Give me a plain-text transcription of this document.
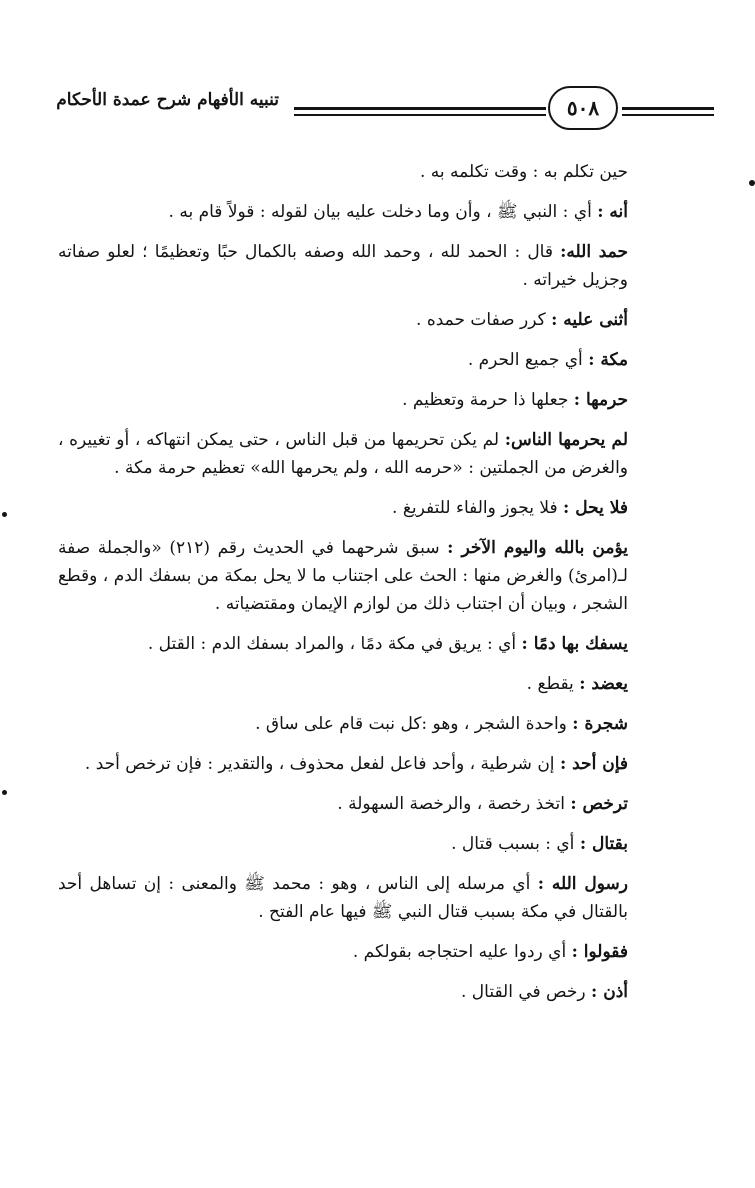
تنبيه الأفهام شرح عمدة الأحكام	٥٠٨

حين تكلم به : وقت تكلمه به .

أنه : أي : النبي ﷺ ، وأن وما دخلت عليه بيان لقوله : قولاً قام به .

حمد الله: قال : الحمد لله ، وحمد الله وصفه بالكمال حبًا وتعظيمًا ؛ لعلو صفاته وجزيل خيراته .

أثنى عليه : كرر صفات حمده .

مكة : أي جميع الحرم .

حرمها : جعلها ذا حرمة وتعظيم .

لم يحرمها الناس: لم يكن تحريمها من قبل الناس ، حتى يمكن انتهاكه ، أو تغييره ، والغرض من الجملتين : «حرمه الله ، ولم يحرمها الله» تعظيم حرمة مكة .

فلا يحل : فلا يجوز والفاء للتفريغ .

يؤمن بالله واليوم الآخر : سبق شرحهما في الحديث رقم (٢١٢) «والجملة صفة لـ(امرئ) والغرض منها : الحث على اجتناب ما لا يحل بمكة من بسفك الدم ، وقطع الشجر ، وبيان أن اجتناب ذلك من لوازم الإيمان ومقتضياته .

يسفك بها دمًا : أي : يريق في مكة دمًا ، والمراد بسفك الدم : القتل .

يعضد : يقطع .

شجرة : واحدة الشجر ، وهو :كل نبت قام على ساق .

فإن أحد : إن شرطية ، وأحد فاعل لفعل محذوف ، والتقدير : فإن ترخص أحد .

ترخص : اتخذ رخصة ، والرخصة السهولة .

بقتال : أي : بسبب قتال .

رسول الله : أي مرسله إلى الناس ، وهو : محمد ﷺ والمعنى : إن تساهل أحد بالقتال في مكة بسبب قتال النبي ﷺ فيها عام الفتح .

فقولوا : أي ردوا عليه احتجاجه بقولكم .

أذن : رخص في القتال .
